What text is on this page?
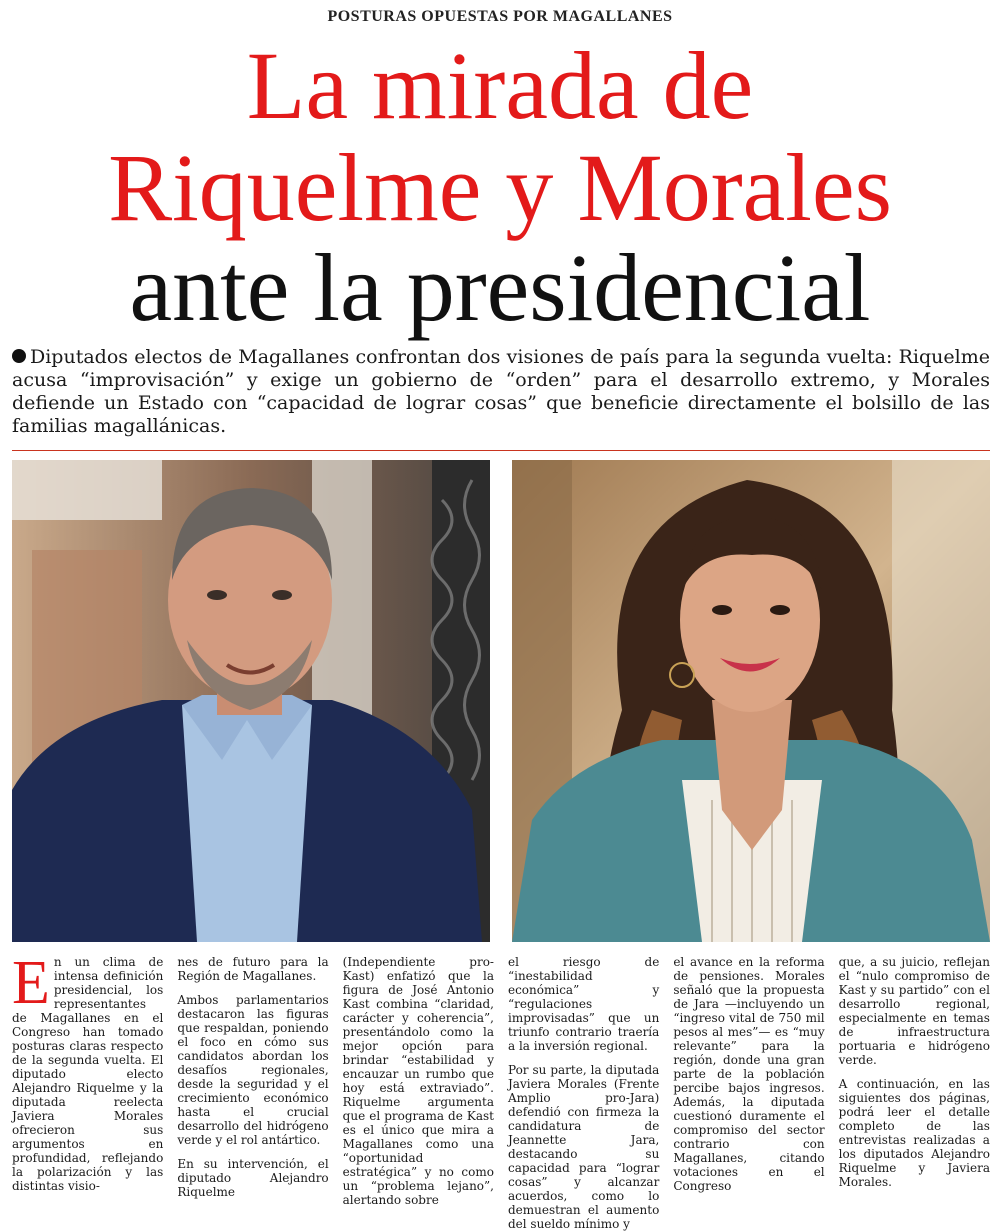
POSTURAS OPUESTAS POR MAGALLANES
La mirada de
Riquelme y Morales
ante la presidencial
Diputados electos de Magallanes confrontan dos visiones de país para la segunda vuelta: Riquelme acusa “improvisación” y exige un gobierno de “orden” para el desarrollo extremo, y Morales defiende un Estado con “capacidad de lograr cosas” que beneficie directamente el bolsillo de las familias magallánicas.

En un clima de intensa definición presidencial, los representantes de Magallanes en el Congreso han tomado posturas claras respecto de la segunda vuelta. El diputado electo Alejandro Riquelme y la diputada reelecta Javiera Morales ofrecieron sus argumentos en profundidad, reflejando la polarización y las distintas visio-

nes de futuro para la Región de Magallanes.

Ambos parlamentarios destacaron las figuras que respaldan, poniendo el foco en cómo sus candidatos abordan los desafíos regionales, desde la seguridad y el crecimiento económico hasta el crucial desarrollo del hidrógeno verde y el rol antártico.

En su intervención, el diputado Alejandro Riquelme

(Independiente pro-Kast) enfatizó que la figura de José Antonio Kast combina “claridad, carácter y coherencia”, presentándolo como la mejor opción para brindar “estabilidad y encauzar un rumbo que hoy está extraviado”. Riquelme argumenta que el programa de Kast es el único que mira a Magallanes como una “oportunidad estratégica” y no como un “problema lejano”, alertando sobre

el riesgo de “inestabilidad económica” y “regulaciones improvisadas” que un triunfo contrario traería a la inversión regional.

Por su parte, la diputada Javiera Morales (Frente Amplio pro-Jara) defendió con firmeza la candidatura de Jeannette Jara, destacando su capacidad para “lograr cosas” y alcanzar acuerdos, como lo demuestran el aumento del sueldo mínimo y

el avance en la reforma de pensiones. Morales señaló que la propuesta de Jara —incluyendo un “ingreso vital de 750 mil pesos al mes”— es “muy relevante” para la región, donde una gran parte de la población percibe bajos ingresos. Además, la diputada cuestionó duramente el compromiso del sector contrario con Magallanes, citando votaciones en el Congreso

que, a su juicio, reflejan el “nulo compromiso de Kast y su partido” con el desarrollo regional, especialmente en temas de infraestructura portuaria e hidrógeno verde.

A continuación, en las siguientes dos páginas, podrá leer el detalle completo de las entrevistas realizadas a los diputados Alejandro Riquelme y Javiera Morales.
